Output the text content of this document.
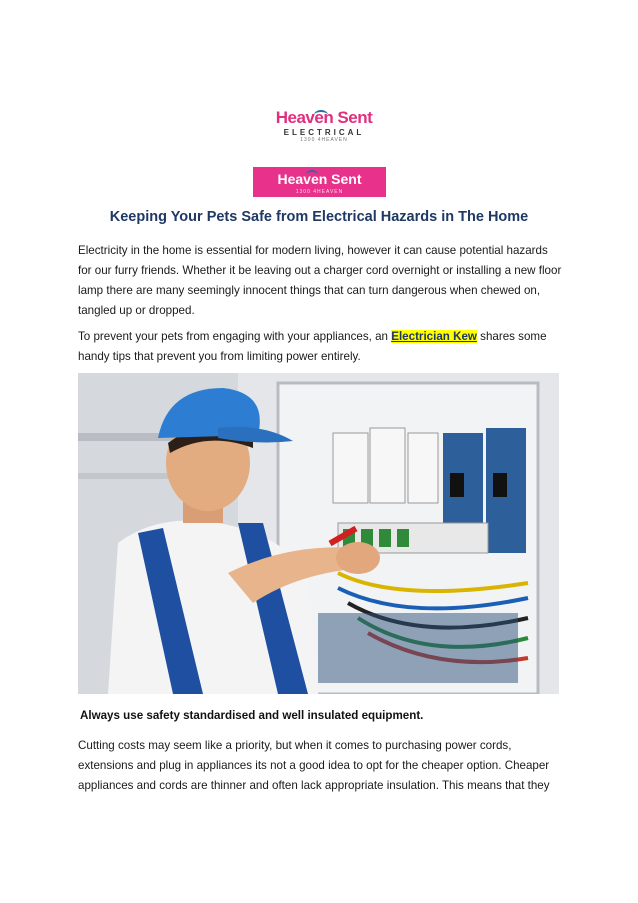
Heaven Sent
ELECTRICAL
1300 4HEAVEN
Heaven Sent
1300 4HEAVEN
Keeping Your Pets Safe from Electrical Hazards in The Home

Electricity in the home is essential for modern living, however it can cause potential hazards for our furry friends. Whether it be leaving out a charger cord overnight or installing a new floor lamp there are many seemingly innocent things that can turn dangerous when chewed on, tangled up or dropped.

To prevent your pets from engaging with your appliances, an Electrician Kew shares some handy tips that prevent you from limiting power entirely.

Always use safety standardised and well insulated equipment.

Cutting costs may seem like a priority, but when it comes to purchasing power cords, extensions and plug in appliances its not a good idea to opt for the cheaper option. Cheaper appliances and cords are thinner and often lack appropriate insulation. This means that they
